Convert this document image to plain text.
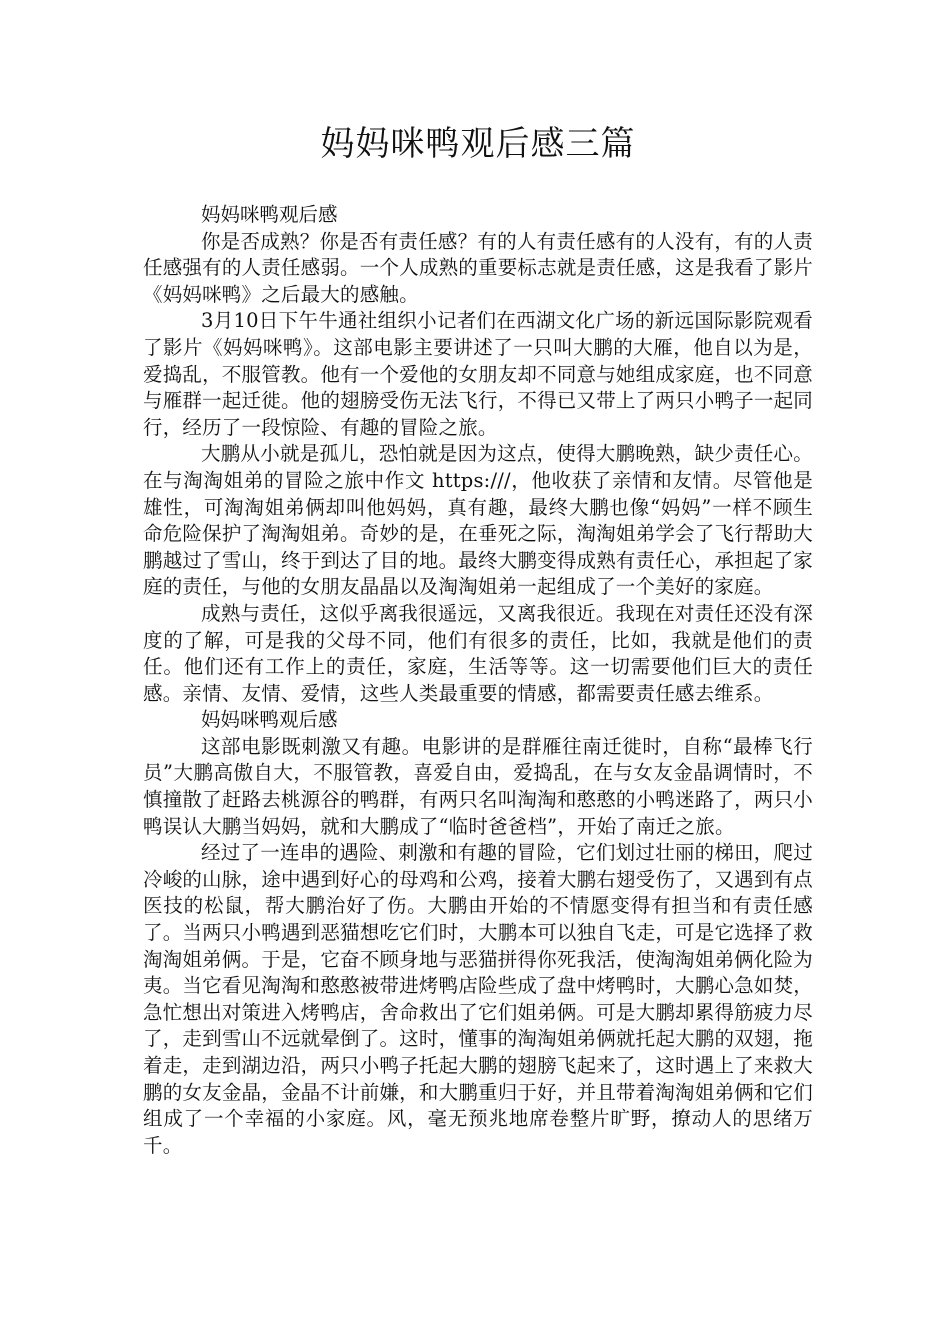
妈妈咪鸭观后感三篇

妈妈咪鸭观后感

你是否成熟？你是否有责任感？有的人有责任感有的人没有，有的人责任感强有的人责任感弱。一个人成熟的重要标志就是责任感，这是我看了影片《妈妈咪鸭》之后最大的感触。

3月10日下午牛通社组织小记者们在西湖文化广场的新远国际影院观看了影片《妈妈咪鸭》。这部电影主要讲述了一只叫大鹏的大雁，他自以为是，爱捣乱，不服管教。他有一个爱他的女朋友却不同意与她组成家庭，也不同意与雁群一起迁徙。他的翅膀受伤无法飞行，不得已又带上了两只小鸭子一起同行，经历了一段惊险、有趣的冒险之旅。

大鹏从小就是孤儿，恐怕就是因为这点，使得大鹏晚熟，缺少责任心。在与淘淘姐弟的冒险之旅中作文 https:///，他收获了亲情和友情。尽管他是雄性，可淘淘姐弟俩却叫他妈妈，真有趣，最终大鹏也像“妈妈”一样不顾生命危险保护了淘淘姐弟。奇妙的是，在垂死之际，淘淘姐弟学会了飞行帮助大鹏越过了雪山，终于到达了目的地。最终大鹏变得成熟有责任心，承担起了家庭的责任，与他的女朋友晶晶以及淘淘姐弟一起组成了一个美好的家庭。

成熟与责任，这似乎离我很遥远，又离我很近。我现在对责任还没有深度的了解，可是我的父母不同，他们有很多的责任，比如，我就是他们的责任。他们还有工作上的责任，家庭，生活等等。这一切需要他们巨大的责任感。亲情、友情、爱情，这些人类最重要的情感，都需要责任感去维系。

妈妈咪鸭观后感

这部电影既刺激又有趣。电影讲的是群雁往南迁徙时，自称“最棒飞行员”大鹏高傲自大，不服管教，喜爱自由，爱捣乱，在与女友金晶调情时，不慎撞散了赶路去桃源谷的鸭群，有两只名叫淘淘和憨憨的小鸭迷路了，两只小鸭误认大鹏当妈妈，就和大鹏成了“临时爸爸档”，开始了南迁之旅。

经过了一连串的遇险、刺激和有趣的冒险，它们划过壮丽的梯田，爬过冷峻的山脉，途中遇到好心的母鸡和公鸡，接着大鹏右翅受伤了，又遇到有点医技的松鼠，帮大鹏治好了伤。大鹏由开始的不情愿变得有担当和有责任感了。当两只小鸭遇到恶猫想吃它们时，大鹏本可以独自飞走，可是它选择了救淘淘姐弟俩。于是，它奋不顾身地与恶猫拼得你死我活，使淘淘姐弟俩化险为夷。当它看见淘淘和憨憨被带进烤鸭店险些成了盘中烤鸭时，大鹏心急如焚，急忙想出对策进入烤鸭店，舍命救出了它们姐弟俩。可是大鹏却累得筋疲力尽了，走到雪山不远就晕倒了。这时，懂事的淘淘姐弟俩就托起大鹏的双翅，拖着走，走到湖边沿，两只小鸭子托起大鹏的翅膀飞起来了，这时遇上了来救大鹏的女友金晶，金晶不计前嫌，和大鹏重归于好，并且带着淘淘姐弟俩和它们组成了一个幸福的小家庭。风，毫无预兆地席卷整片旷野，撩动人的思绪万千。
